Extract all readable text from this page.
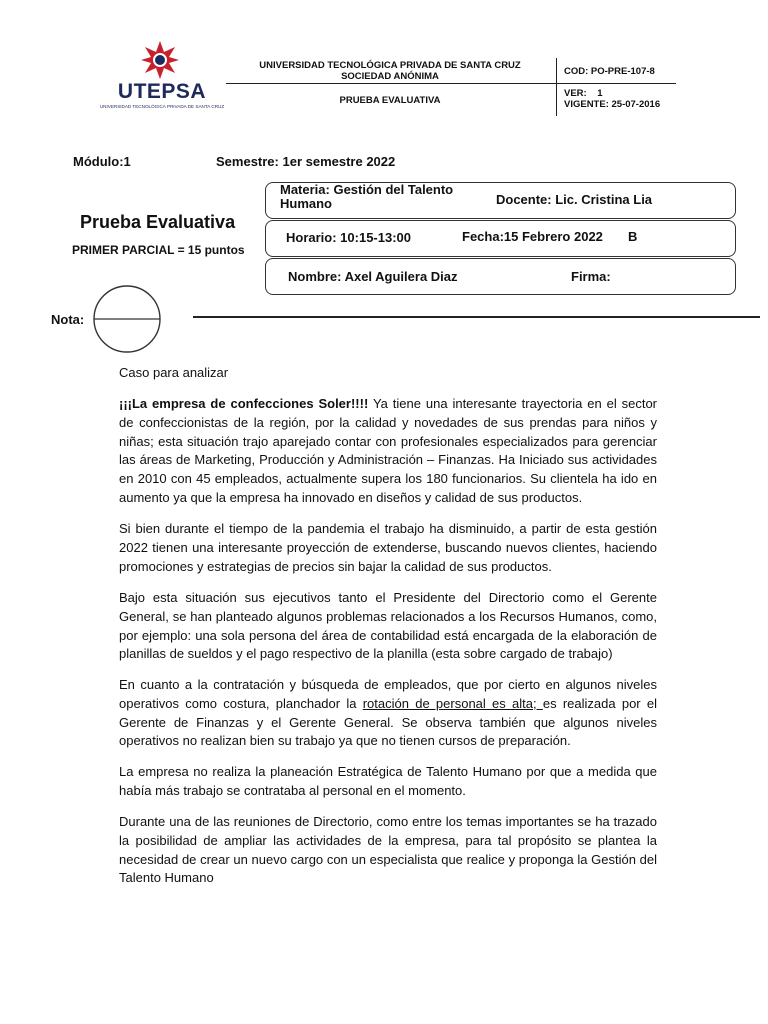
UTEPSA
UNIVERSIDAD TECNOLÓGICA PRIVADA DE SANTA CRUZ
UNIVERSIDAD TECNOLÓGICA PRIVADA DE SANTA CRUZ
SOCIEDAD ANÓNIMA
PRUEBA EVALUATIVA
COD: PO-PRE-107-8
VER: 1
VIGENTE: 25-07-2016
Módulo:1	Semestre: 1er semestre 2022
Prueba Evaluativa
PRIMER PARCIAL = 15 puntos
Materia: Gestión del Talento
Humano	Docente: Lic. Cristina Lia
Horario: 10:15-13:00	Fecha:15 Febrero 2022 B
Nombre: Axel Aguilera Diaz	Firma:
Nota:
Caso para analizar
¡¡¡La empresa de confecciones Soler!!!! Ya tiene una interesante trayectoria en el sector de confeccionistas de la región, por la calidad y novedades de sus prendas para niños y niñas; esta situación trajo aparejado contar con profesionales especializados para gerenciar las áreas de Marketing, Producción y Administración – Finanzas. Ha Iniciado sus actividades en 2010 con 45 empleados, actualmente supera los 180 funcionarios. Su clientela ha ido en aumento ya que la empresa ha innovado en diseños y calidad de sus productos.
Si bien durante el tiempo de la pandemia el trabajo ha disminuido, a partir de esta gestión 2022 tienen una interesante proyección de extenderse, buscando nuevos clientes, haciendo promociones y estrategias de precios sin bajar la calidad de sus productos.
Bajo esta situación sus ejecutivos tanto el Presidente del Directorio como el Gerente General, se han planteado algunos problemas relacionados a los Recursos Humanos, como, por ejemplo: una sola persona del área de contabilidad está encargada de la elaboración de planillas de sueldos y el pago respectivo de la planilla (esta sobre cargado de trabajo)
En cuanto a la contratación y búsqueda de empleados, que por cierto en algunos niveles operativos como costura, planchador la rotación de personal es alta; es realizada por el Gerente de Finanzas y el Gerente General. Se observa también que algunos niveles operativos no realizan bien su trabajo ya que no tienen cursos de preparación.
La empresa no realiza la planeación Estratégica de Talento Humano por que a medida que había más trabajo se contrataba al personal en el momento.
Durante una de las reuniones de Directorio, como entre los temas importantes se ha trazado la posibilidad de ampliar las actividades de la empresa, para tal propósito se plantea la necesidad de crear un nuevo cargo con un especialista que realice y proponga la Gestión del Talento Humano
